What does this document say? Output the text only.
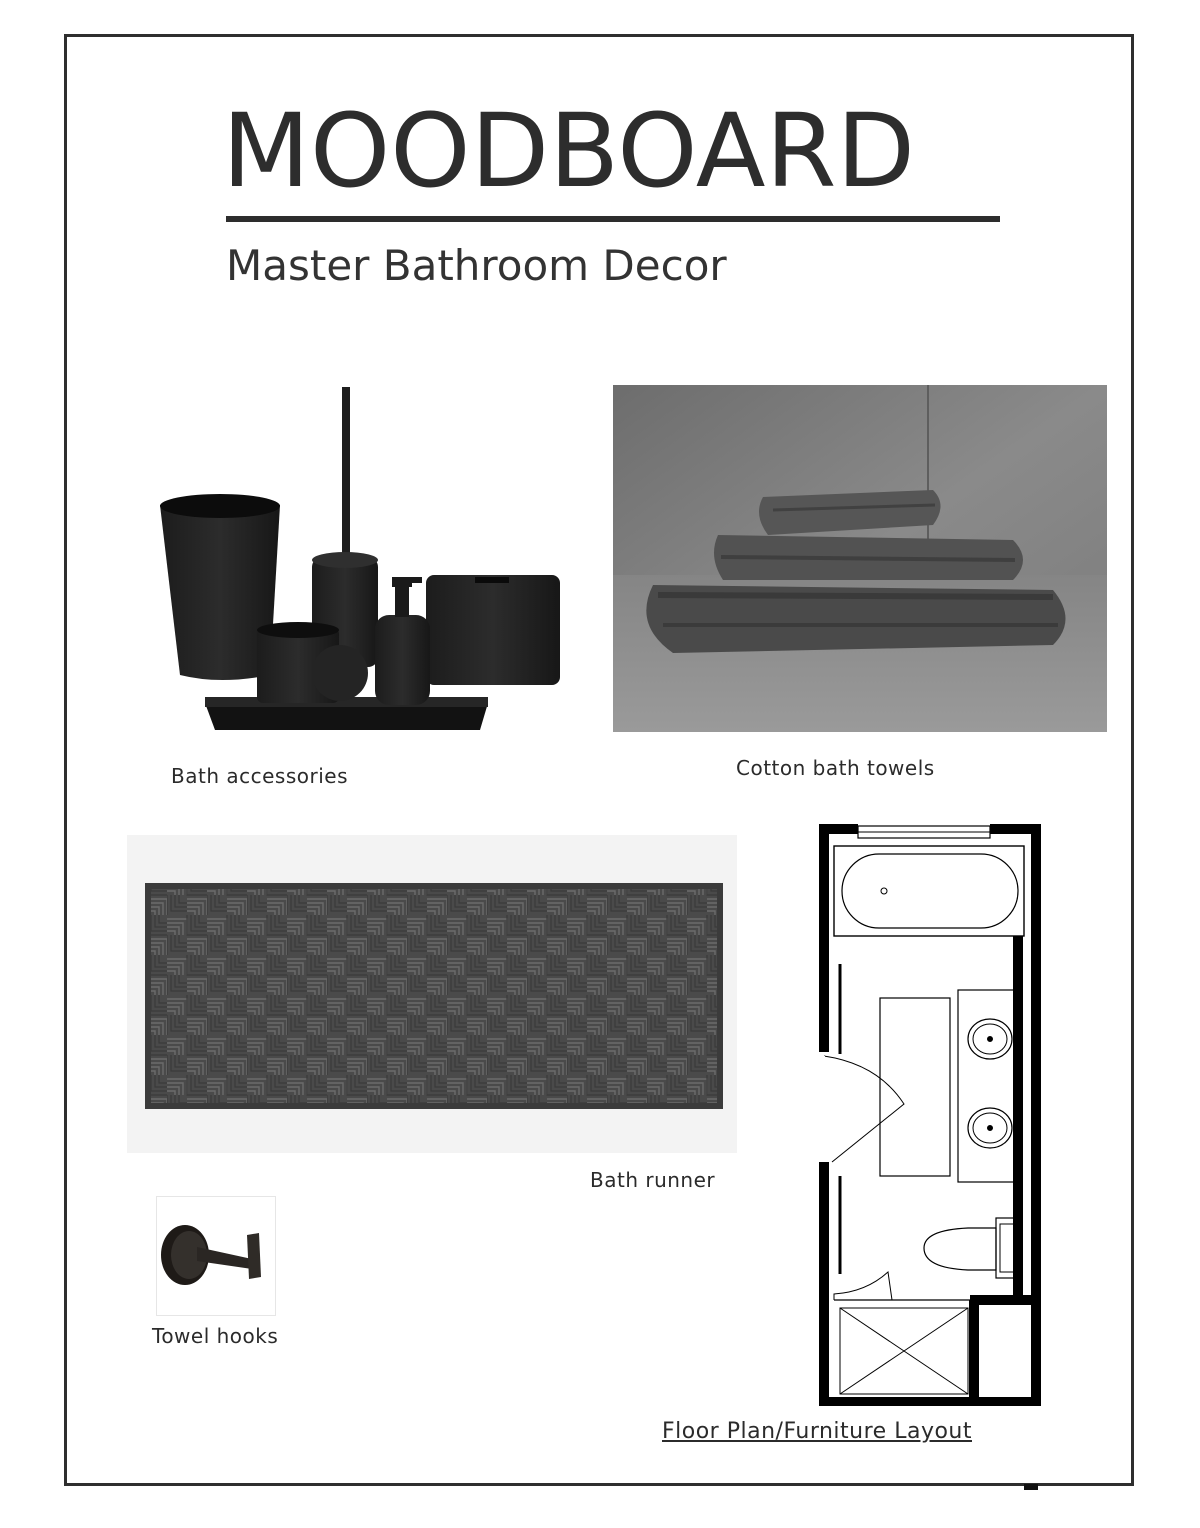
MOODBOARD
Master Bathroom Decor
Bath accessories	Cotton bath towels
Bath runner
Towel hooks
Floor Plan/Furniture Layout
